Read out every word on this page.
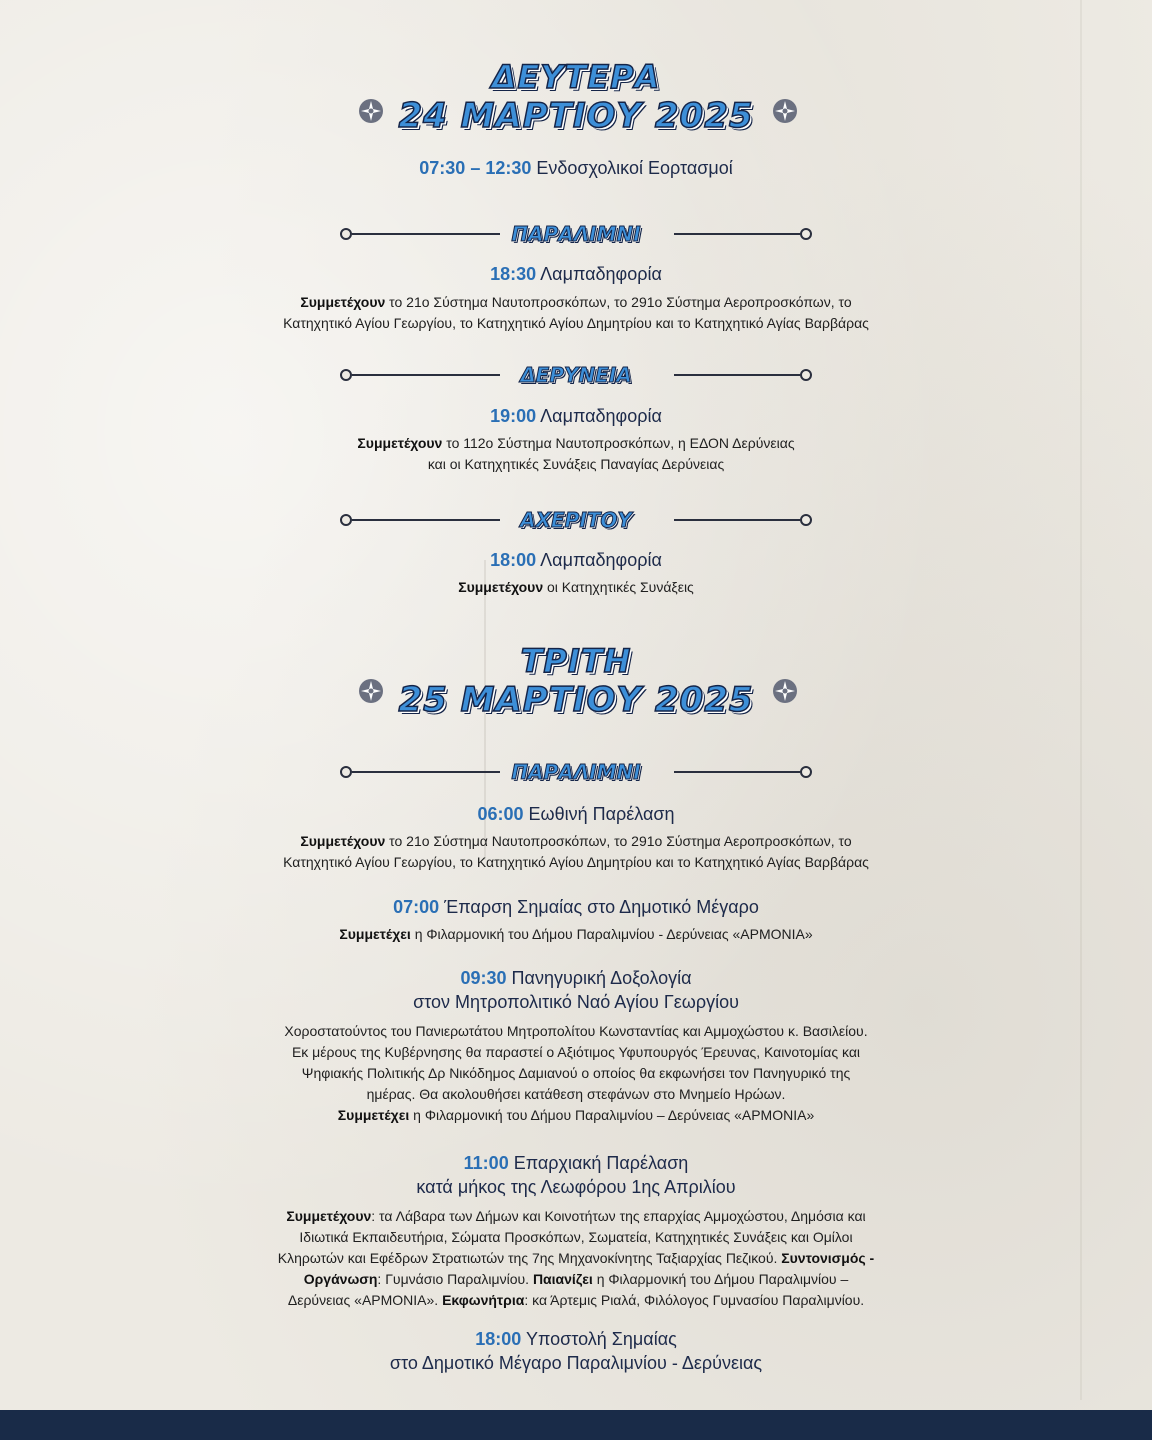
ΔΕΥΤΕΡΑ
24 ΜΑΡΤΙΟΥ 2025
07:30 – 12:30 Ενδοσχολικοί Εορτασμοί
ΠΑΡΑΛΙΜΝΙ
18:30 Λαμπαδηφορία
Συμμετέχουν το 21ο Σύστημα Ναυτοπροσκόπων, το 291ο Σύστημα Αεροπροσκόπων, το
Κατηχητικό Αγίου Γεωργίου, το Κατηχητικό Αγίου Δημητρίου και το Κατηχητικό Αγίας Βαρβάρας
ΔΕΡΥΝΕΙΑ
19:00 Λαμπαδηφορία
Συμμετέχουν το 112ο Σύστημα Ναυτοπροσκόπων, η ΕΔΟΝ Δερύνειας
και οι Κατηχητικές Συνάξεις Παναγίας Δερύνειας
ΑΧΕΡΙΤΟΥ
18:00 Λαμπαδηφορία
Συμμετέχουν οι Κατηχητικές Συνάξεις
ΤΡΙΤΗ
25 ΜΑΡΤΙΟΥ 2025
ΠΑΡΑΛΙΜΝΙ
06:00 Εωθινή Παρέλαση
Συμμετέχουν το 21ο Σύστημα Ναυτοπροσκόπων, το 291ο Σύστημα Αεροπροσκόπων, το
Κατηχητικό Αγίου Γεωργίου, το Κατηχητικό Αγίου Δημητρίου και το Κατηχητικό Αγίας Βαρβάρας
07:00 Έπαρση Σημαίας στο Δημοτικό Μέγαρο
Συμμετέχει η Φιλαρμονική του Δήμου Παραλιμνίου - Δερύνειας «ΑΡΜΟΝΙΑ»
09:30 Πανηγυρική Δοξολογία
στον Μητροπολιτικό Ναό Αγίου Γεωργίου
Χοροστατούντος του Πανιερωτάτου Μητροπολίτου Κωνσταντίας και Αμμοχώστου κ. Βασιλείου.
Εκ μέρους της Κυβέρνησης θα παραστεί ο Αξιότιμος Υφυπουργός Έρευνας, Καινοτομίας και
Ψηφιακής Πολιτικής Δρ Νικόδημος Δαμιανού ο οποίος θα εκφωνήσει τον Πανηγυρικό της
ημέρας. Θα ακολουθήσει κατάθεση στεφάνων στο Μνημείο Ηρώων.
Συμμετέχει η Φιλαρμονική του Δήμου Παραλιμνίου – Δερύνειας «ΑΡΜΟΝΙΑ»

11:00 Επαρχιακή Παρέλαση
κατά μήκος της Λεωφόρου 1ης Απριλίου
Συμμετέχουν: τα Λάβαρα των Δήμων και Κοινοτήτων της επαρχίας Αμμοχώστου, Δημόσια και
Ιδιωτικά Εκπαιδευτήρια, Σώματα Προσκόπων, Σωματεία, Κατηχητικές Συνάξεις και Ομίλοι
Κληρωτών και Εφέδρων Στρατιωτών της 7ης Μηχανοκίνητης Ταξιαρχίας Πεζικού. Συντονισμός -
Οργάνωση: Γυμνάσιο Παραλιμνίου. Παιανίζει η Φιλαρμονική του Δήμου Παραλιμνίου –
Δερύνειας «ΑΡΜΟΝΙΑ». Εκφωνήτρια: κα Άρτεμις Ριαλά, Φιλόλογος Γυμνασίου Παραλιμνίου.
18:00 Υποστολή Σημαίας
στο Δημοτικό Μέγαρο Παραλιμνίου - Δερύνειας
